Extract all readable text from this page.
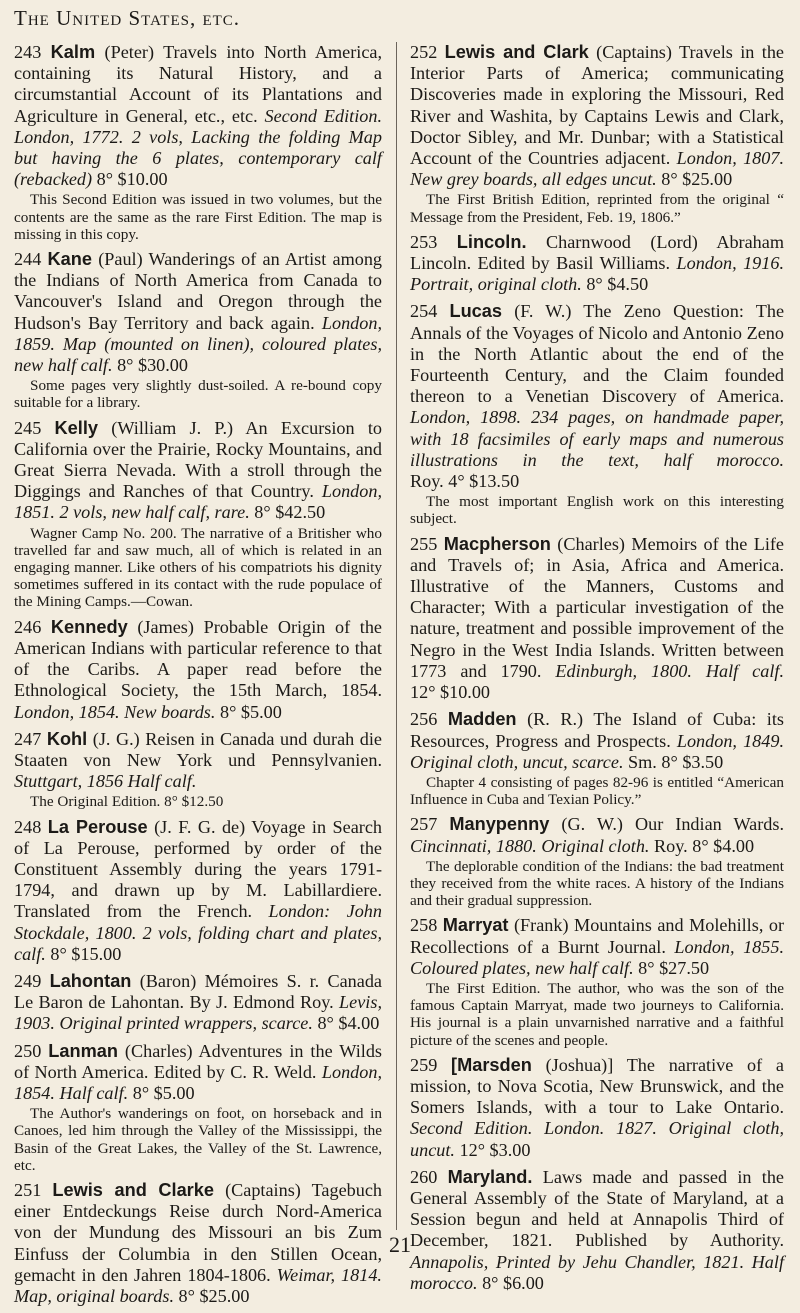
The United States, etc.
243 Kalm (Peter) Travels into North America, containing its Natural History, and a circumstantial Account of its Plantations and Agriculture in General, etc., etc. Second Edition. London, 1772. 2 vols, Lacking the folding Map but having the 6 plates, contemporary calf (rebacked) 8° $10.00
This Second Edition was issued in two volumes, but the contents are the same as the rare First Edition. The map is missing in this copy.
244 Kane (Paul) Wanderings of an Artist among the Indians of North America from Canada to Vancouver's Island and Oregon through the Hudson's Bay Territory and back again. London, 1859. Map (mounted on linen), coloured plates, new half calf. 8° $30.00
Some pages very slightly dust-soiled. A re-bound copy suitable for a library.
245 Kelly (William J. P.) An Excursion to California over the Prairie, Rocky Mountains, and Great Sierra Nevada. With a stroll through the Diggings and Ranches of that Country. London, 1851. 2 vols, new half calf, rare. 8° $42.50
Wagner Camp No. 200. The narrative of a Britisher who travelled far and saw much, all of which is related in an engaging manner. Like others of his compatriots his dignity sometimes suffered in its contact with the rude populace of the Mining Camps.—Cowan.
246 Kennedy (James) Probable Origin of the American Indians with particular reference to that of the Caribs. A paper read before the Ethnological Society, the 15th March, 1854. London, 1854. New boards. 8° $5.00
247 Kohl (J. G.) Reisen in Canada und durah die Staaten von New York und Pennsylvanien. Stuttgart, 1856 Half calf.
The Original Edition. 8° $12.50
248 La Perouse (J. F. G. de) Voyage in Search of La Perouse, performed by order of the Constituent Assembly during the years 1791-1794, and drawn up by M. Labillardiere. Translated from the French. London: John Stockdale, 1800. 2 vols, folding chart and plates, calf. 8° $15.00
249 Lahontan (Baron) Mémoires S. r. Canada Le Baron de Lahontan. By J. Edmond Roy. Levis, 1903. Original printed wrappers, scarce. 8° $4.00
250 Lanman (Charles) Adventures in the Wilds of North America. Edited by C. R. Weld. London, 1854. Half calf. 8° $5.00
The Author's wanderings on foot, on horseback and in Canoes, led him through the Valley of the Mississippi, the Basin of the Great Lakes, the Valley of the St. Lawrence, etc.
251 Lewis and Clarke (Captains) Tagebuch einer Entdeckungs Reise durch Nord-America von der Mundung des Missouri an bis Zum Einfuss der Columbia in den Stillen Ocean, gemacht in den Jahren 1804-1806. Weimar, 1814. Map, original boards. 8° $25.00
252 Lewis and Clark (Captains) Travels in the Interior Parts of America; communicating Discoveries made in exploring the Missouri, Red River and Washita, by Captains Lewis and Clark, Doctor Sibley, and Mr. Dunbar; with a Statistical Account of the Countries adjacent. London, 1807. New grey boards, all edges uncut. 8° $25.00
The First British Edition, reprinted from the original “ Message from the President, Feb. 19, 1806.”
253 Lincoln. Charnwood (Lord) Abraham Lincoln. Edited by Basil Williams. London, 1916. Portrait, original cloth. 8° $4.50
254 Lucas (F. W.) The Zeno Question: The Annals of the Voyages of Nicolo and Antonio Zeno in the North Atlantic about the end of the Fourteenth Century, and the Claim founded thereon to a Venetian Discovery of America. London, 1898. 234 pages, on handmade paper, with 18 facsimiles of early maps and numerous illustrations in the text, half morocco. Roy. 4° $13.50
The most important English work on this interesting subject.
255 Macpherson (Charles) Memoirs of the Life and Travels of; in Asia, Africa and America. Illustrative of the Manners, Customs and Character; With a particular investigation of the nature, treatment and possible improvement of the Negro in the West India Islands. Written between 1773 and 1790. Edinburgh, 1800. Half calf. 12° $10.00
256 Madden (R. R.) The Island of Cuba: its Resources, Progress and Prospects. London, 1849. Original cloth, uncut, scarce. Sm. 8° $3.50
Chapter 4 consisting of pages 82-96 is entitled “American Influence in Cuba and Texian Policy.”
257 Manypenny (G. W.) Our Indian Wards. Cincinnati, 1880. Original cloth. Roy. 8° $4.00
The deplorable condition of the Indians: the bad treatment they received from the white races. A history of the Indians and their gradual suppression.
258 Marryat (Frank) Mountains and Molehills, or Recollections of a Burnt Journal. London, 1855. Coloured plates, new half calf. 8° $27.50
The First Edition. The author, who was the son of the famous Captain Marryat, made two journeys to California. His journal is a plain unvarnished narrative and a faithful picture of the scenes and people.
259 [Marsden (Joshua)] The narrative of a mission, to Nova Scotia, New Brunswick, and the Somers Islands, with a tour to Lake Ontario. Second Edition. London. 1827. Original cloth, uncut. 12° $3.00
260 Maryland. Laws made and passed in the General Assembly of the State of Maryland, at a Session begun and held at Annapolis Third of December, 1821. Published by Authority. Annapolis, Printed by Jehu Chandler, 1821. Half morocco. 8° $6.00
21
